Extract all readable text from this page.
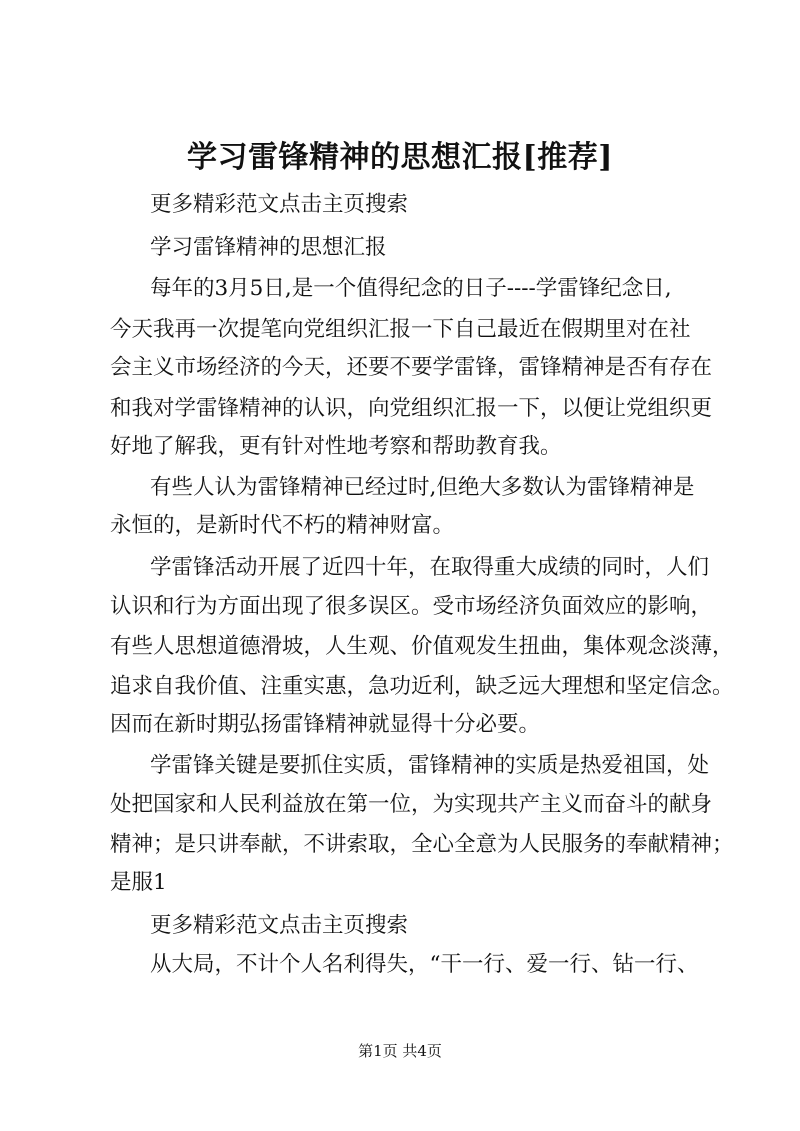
学习雷锋精神的思想汇报[推荐]
更多精彩范文点击主页搜索
学习雷锋精神的思想汇报
每年的3月5日,是一个值得纪念的日子----学雷锋纪念日,
今天我再一次提笔向党组织汇报一下自己最近在假期里对在社
会主义市场经济的今天，还要不要学雷锋，雷锋精神是否有存在
和我对学雷锋精神的认识，向党组织汇报一下，以便让党组织更
好地了解我，更有针对性地考察和帮助教育我。
有些人认为雷锋精神已经过时,但绝大多数认为雷锋精神是
永恒的，是新时代不朽的精神财富。
学雷锋活动开展了近四十年，在取得重大成绩的同时，人们
认识和行为方面出现了很多误区。受市场经济负面效应的影响，
有些人思想道德滑坡，人生观、价值观发生扭曲，集体观念淡薄，
追求自我价值、注重实惠，急功近利，缺乏远大理想和坚定信念。
因而在新时期弘扬雷锋精神就显得十分必要。
学雷锋关键是要抓住实质，雷锋精神的实质是热爱祖国，处
处把国家和人民利益放在第一位，为实现共产主义而奋斗的献身
精神；是只讲奉献，不讲索取，全心全意为人民服务的奉献精神；
是服1
更多精彩范文点击主页搜索
从大局，不计个人名利得失，“干一行、爱一行、钻一行、
第1页 共4页
